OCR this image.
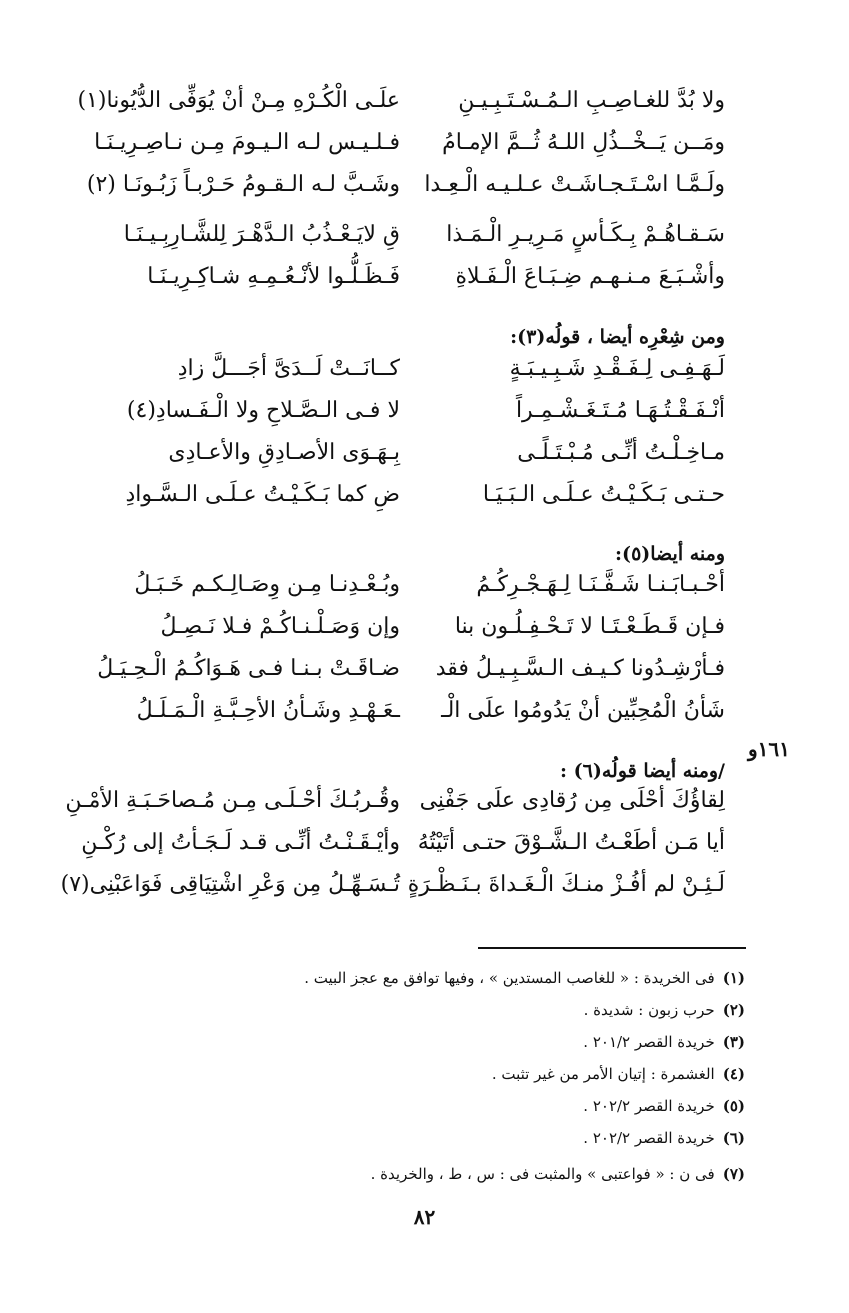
ولا بُدَّ للغـاصِـبِ الـمُـسْـتَـبِـيـنِ
علَـى الْكُـرْهِ مِـنْ أنْ يُوَفِّى الدُّيُونا(١)
ومَــن يَــخْــذُلِ اللـهُ ثُــمَّ الإمـامُ
فـلـيـس لـه الـيـومَ مِـن نـاصِـرِيـنَـا
ولَـمَّـا اسْـتَـجـاشَـتْ عـلـيـه الْـعِـدا
وشَـبَّ لـه الـقـومُ حَـرْبـاً زَبُـونَـا (٢)
سَـقـاهُـمْ بِـكَـأسٍ مَـرِيـرِ الْـمَـذا
قِ لايَـعْـذُبُ الـدَّهْـرَ لِلشَّـارِبِـيـنَـا
وأشْـبَـعَ مـنـهـم ضِـبَـاعَ الْـفَـلاةِ
فَـظَـلُّـوا لأنْـعُـمِـهِ شـاكِـرِيـنَـا
ومن شِعْرِه أيضا ، قولُه(٣):
لَـهَـفِـى لِـفَـقْـدِ شَـبِـيـبَـةٍ
كــانَــتْ لَــدَىَّ أجَـــلَّ زادِ
أنْـفَـقْـتُـهَـا مُـتَـغَـشْـمِـراً
لا فـى الـصَّـلاحِ ولا الْـفَـسادِ(٤)
مـاخِـلْـتُ أنِّـى مُـبْـتَـلًـى
بِـهَـوَى الأصـادِقِ والأعـادِى
حـتـى بَـكَـيْـتُ عـلَـى الـبَـيَـا
ضِ كما بَـكَـيْـتُ عـلَـى الـسَّـوادِ
ومنه أيضا(٥):
أحْـبـابَـنـا شَـفَّـنَـا لِـهَـجْـرِكُـمُ
وبُـعْـدِنـا مِـن وِصَـالِـكـم خَـبَـلُ
فـإن قَـطَـعْـتَـا لا تَـحْـفِـلُـون بنا
وإن وَصَـلْـنـاكُـمْ فـلا نَـصِـلُ
فـأرْشِـدُونا كـيـف الـسَّـبِـيـلُ فقد
ضـاقَـتْ بـنـا فـى هَـوَاكُـمُ الْـحِـيَـلُ
شَأنُ الْمُحِبِّين أنْ يَدُومُوا علَى الْـ
ـعَـهْـدِ وشَـأنُ الأحِـبَّـةِ الْـمَـلَـلُ
١٦١و
/ومنه أيضا قولُه(٦) :
لِقاؤُكَ أحْلَى مِن رُقادِى علَى جَفْنِى
وقُـربُـكَ أحْـلَـى مِـن مُـصاحَـبَـةِ الأمْـنِ
أيا مَـن أطَعْـتُ الـشَّـوْقَ حتـى أتَيْتُهُ
وأيْـقَـنْـتُ أنِّـى قـد لَـجَـأتُ إلى رُكْـنِ
لَـئِـنْ لم أفُـزْ منـكَ الْـغَـداةَ بـنَـظْـرَةٍ
تُـسَـهِّـلُ مِن وَعْرِ اشْتِيَاقِى فَوَاعَبْنِى(٧)
(١)فى الخريدة : « للغاصب المستدين » ، وفيها توافق مع عجز البيت .
(٢)حرب زبون : شديدة .
(٣)خريدة القصر ٢٠١/٢ .
(٤)الغشمرة : إتيان الأمر من غير تثبت .
(٥)خريدة القصر ٢٠٢/٢ .
(٦)خريدة القصر ٢٠٢/٢ .
(٧)فى ن : « فواعتبى » والمثبت فى : س ، ط ، والخريدة .
٨٢
